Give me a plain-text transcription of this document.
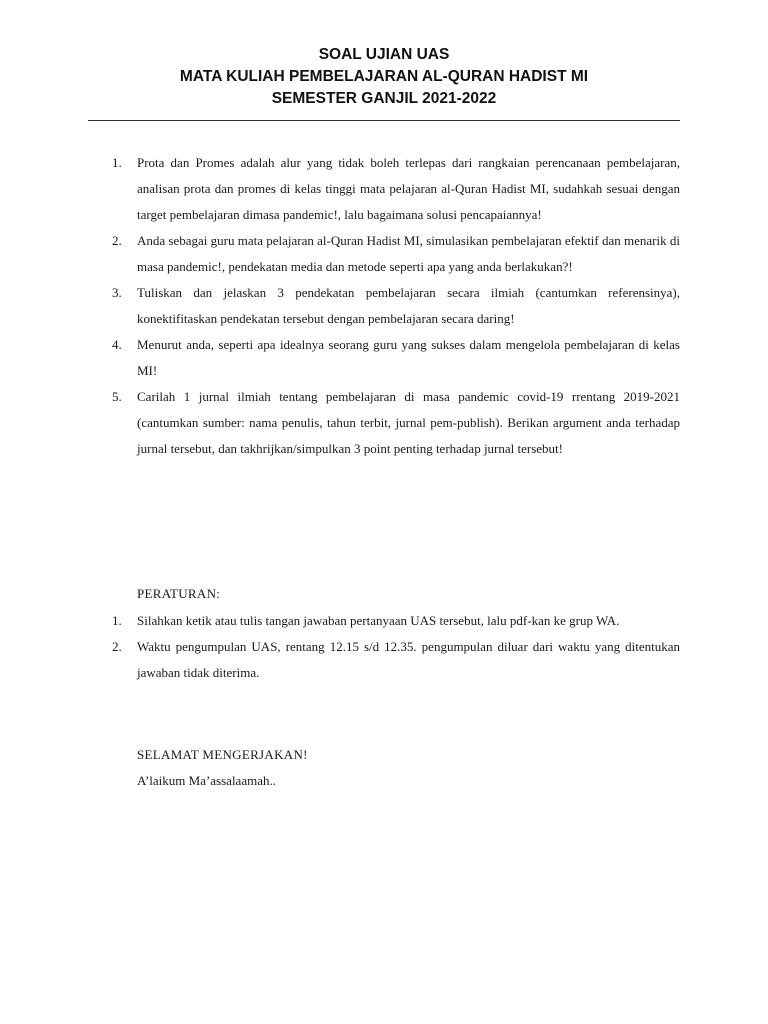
SOAL UJIAN UAS
MATA KULIAH PEMBELAJARAN AL-QURAN HADIST MI
SEMESTER GANJIL 2021-2022
1.	Prota dan Promes adalah alur yang tidak boleh terlepas dari rangkaian perencanaan pembelajaran, analisan prota dan promes di kelas tinggi mata pelajaran al-Quran Hadist MI, sudahkah sesuai dengan target pembelajaran dimasa pandemic!, lalu bagaimana solusi pencapaiannya!
2.	Anda sebagai guru mata pelajaran al-Quran Hadist MI, simulasikan pembelajaran efektif dan menarik di masa pandemic!, pendekatan media dan metode seperti apa yang anda berlakukan?!
3.	Tuliskan dan jelaskan 3 pendekatan pembelajaran secara ilmiah (cantumkan referensinya), konektifitaskan pendekatan tersebut dengan pembelajaran secara daring!
4.	Menurut anda, seperti apa idealnya seorang guru yang sukses dalam mengelola pembelajaran di kelas MI!
5.	Carilah 1 jurnal ilmiah tentang pembelajaran di masa pandemic covid-19 rrentang 2019-2021 (cantumkan sumber: nama penulis, tahun terbit, jurnal pem-publish). Berikan argument anda terhadap jurnal tersebut, dan takhrijkan/simpulkan 3 point penting terhadap jurnal tersebut!
PERATURAN:
1.	Silahkan ketik atau tulis tangan jawaban pertanyaan UAS tersebut, lalu pdf-kan ke grup WA.
2.	Waktu pengumpulan UAS, rentang 12.15 s/d 12.35. pengumpulan diluar dari waktu yang ditentukan jawaban tidak diterima.
SELAMAT MENGERJAKAN!
A’laikum Ma’assalaamah..
